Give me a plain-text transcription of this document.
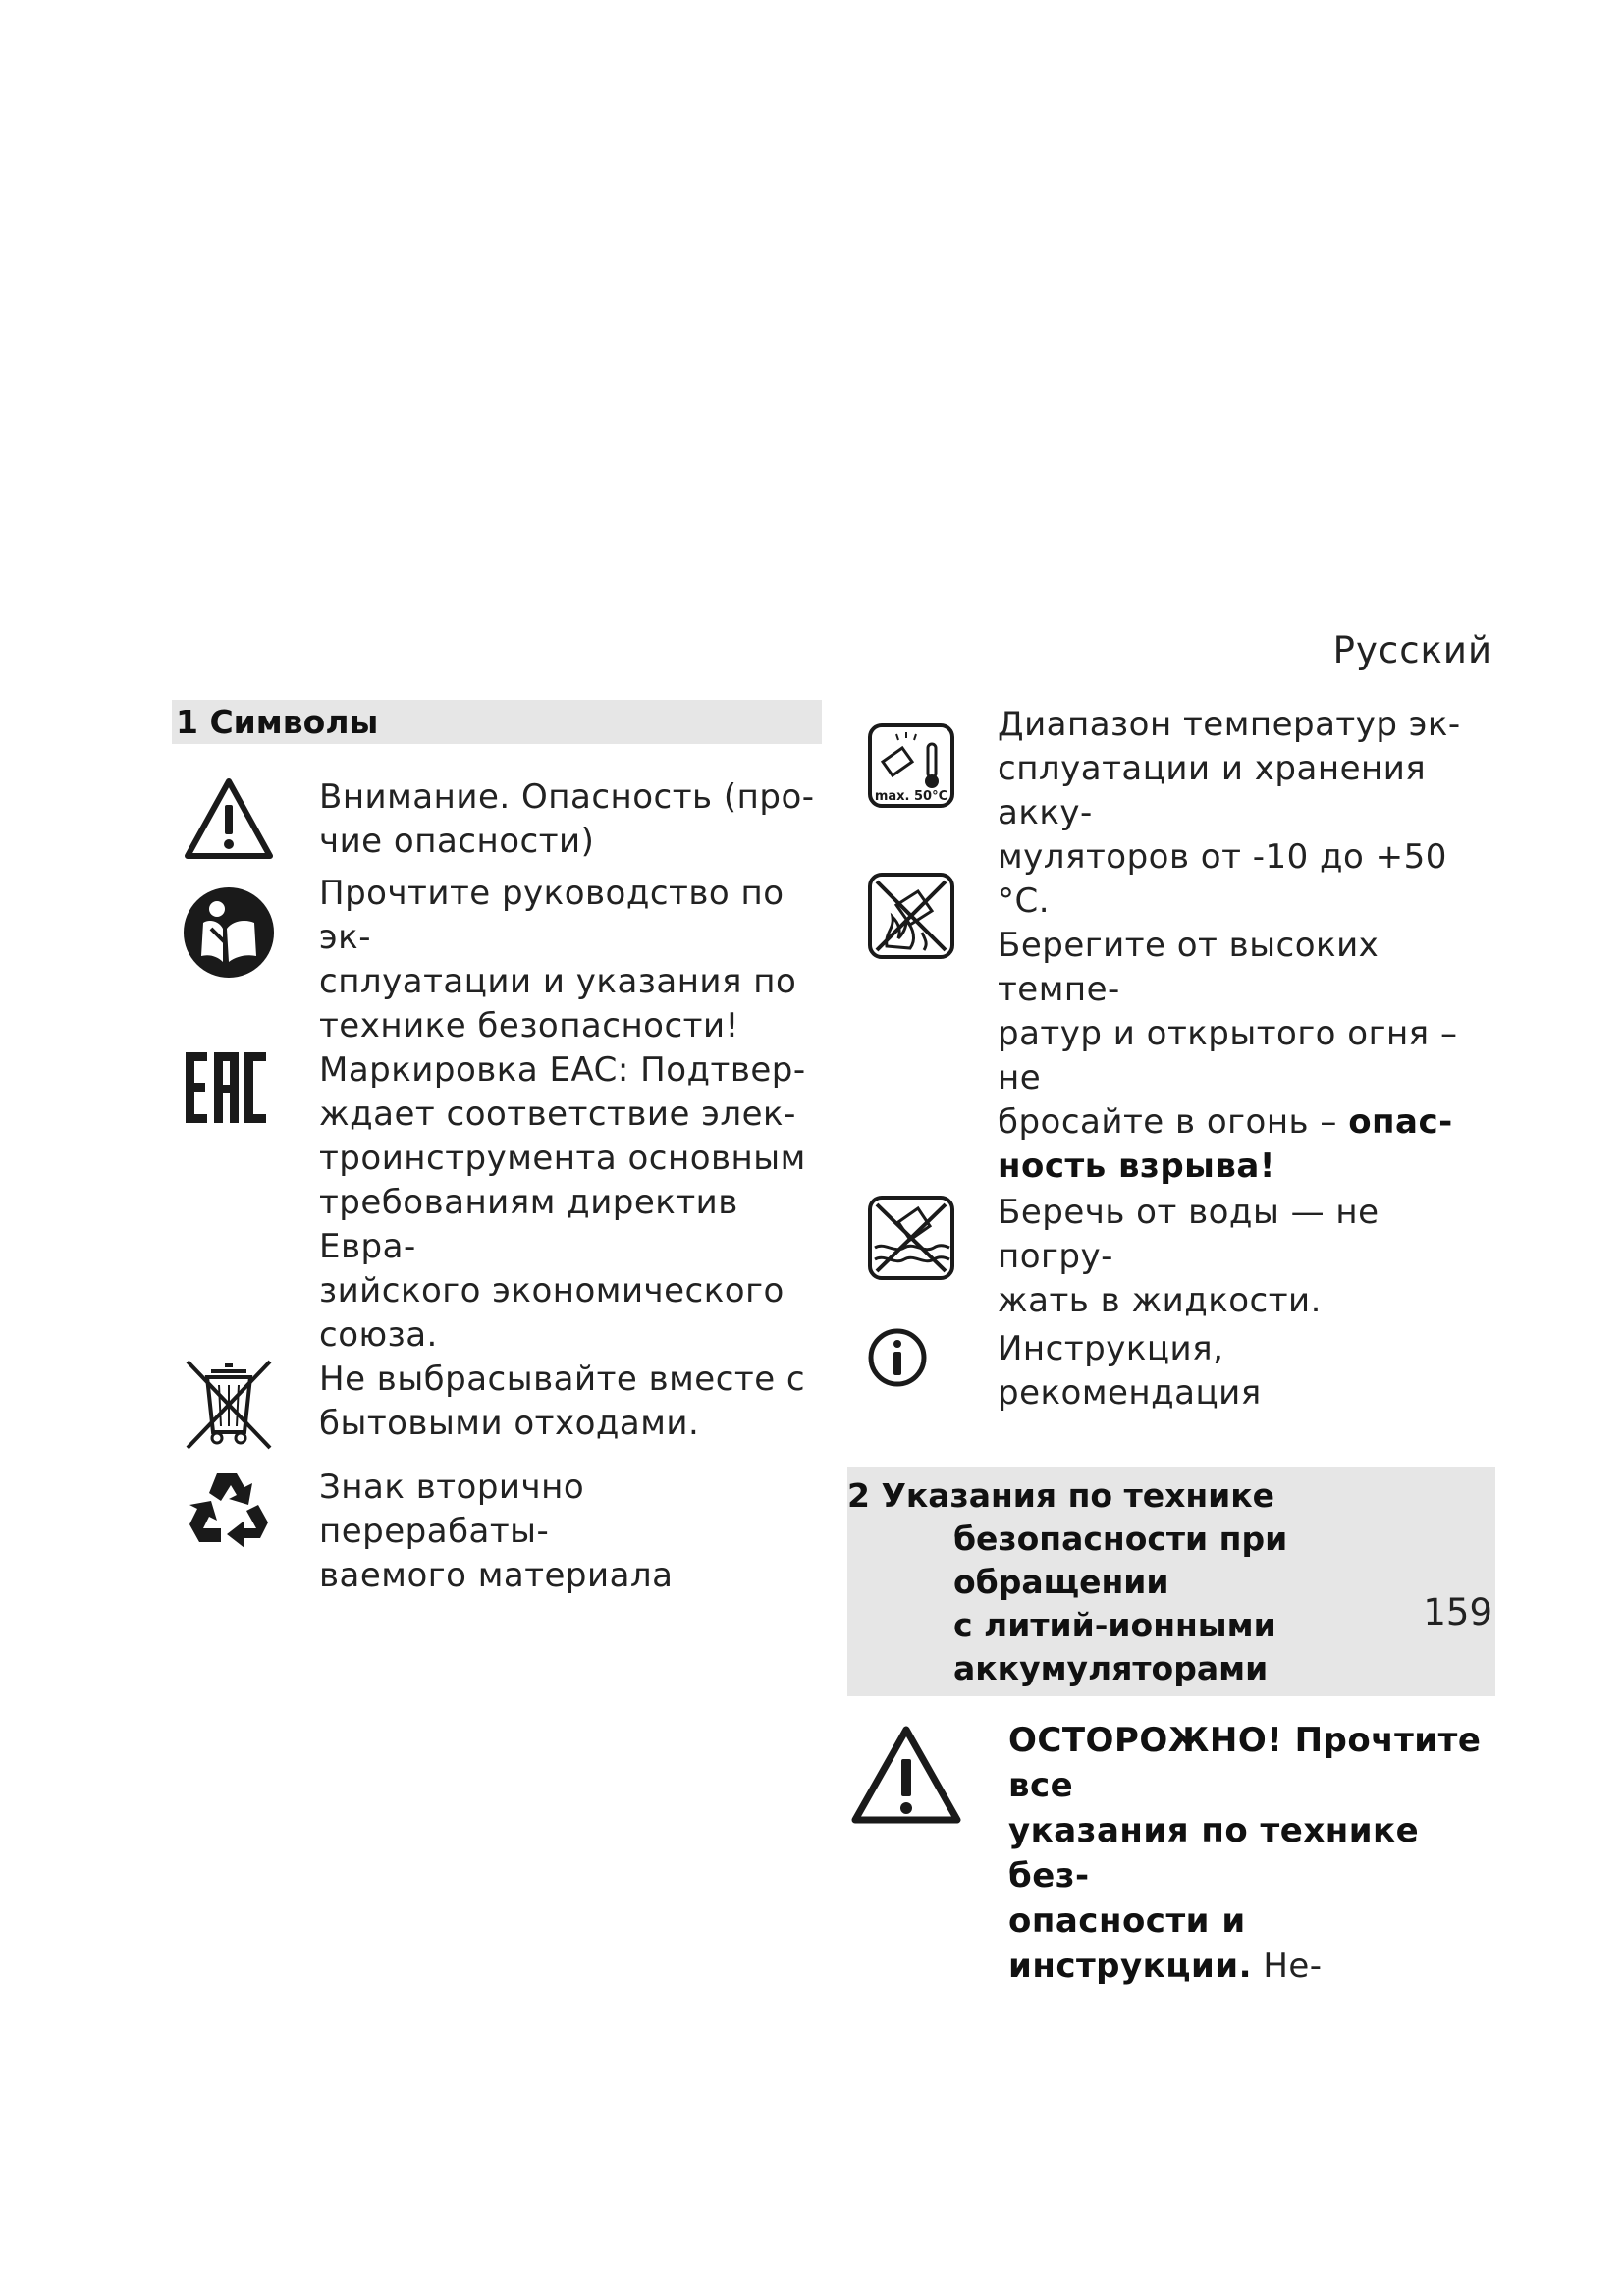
Русский
1 Символы
Внимание. Опасность (про-
чие опасности)
Прочтите руководство по эк-
сплуатации и указания по
технике безопасности!
Маркировка EAC: Подтвер-
ждает соответствие элек-
троинструмента основным
требованиям директив Евра-
зийского экономического
союза.
Не выбрасывайте вместе с
бытовыми отходами.
Знак вторично перерабаты-
ваемого материала
max. 50°C
Диапазон температур эк-
сплуатации и хранения акку-
муляторов от -10 до +50 °C.
Берегите от высоких темпе-
ратур и открытого огня – не
бросайте в огонь – опас-
ность взрыва!
Беречь от воды — не погру-
жать в жидкости.
Инструкция, рекомендация
2 Указания по технике
безопасности при обращении
с литий-ионными
аккумуляторами
ОСТОРОЖНО! Прочтите все
указания по технике без-
опасности и инструкции. Не-
159
